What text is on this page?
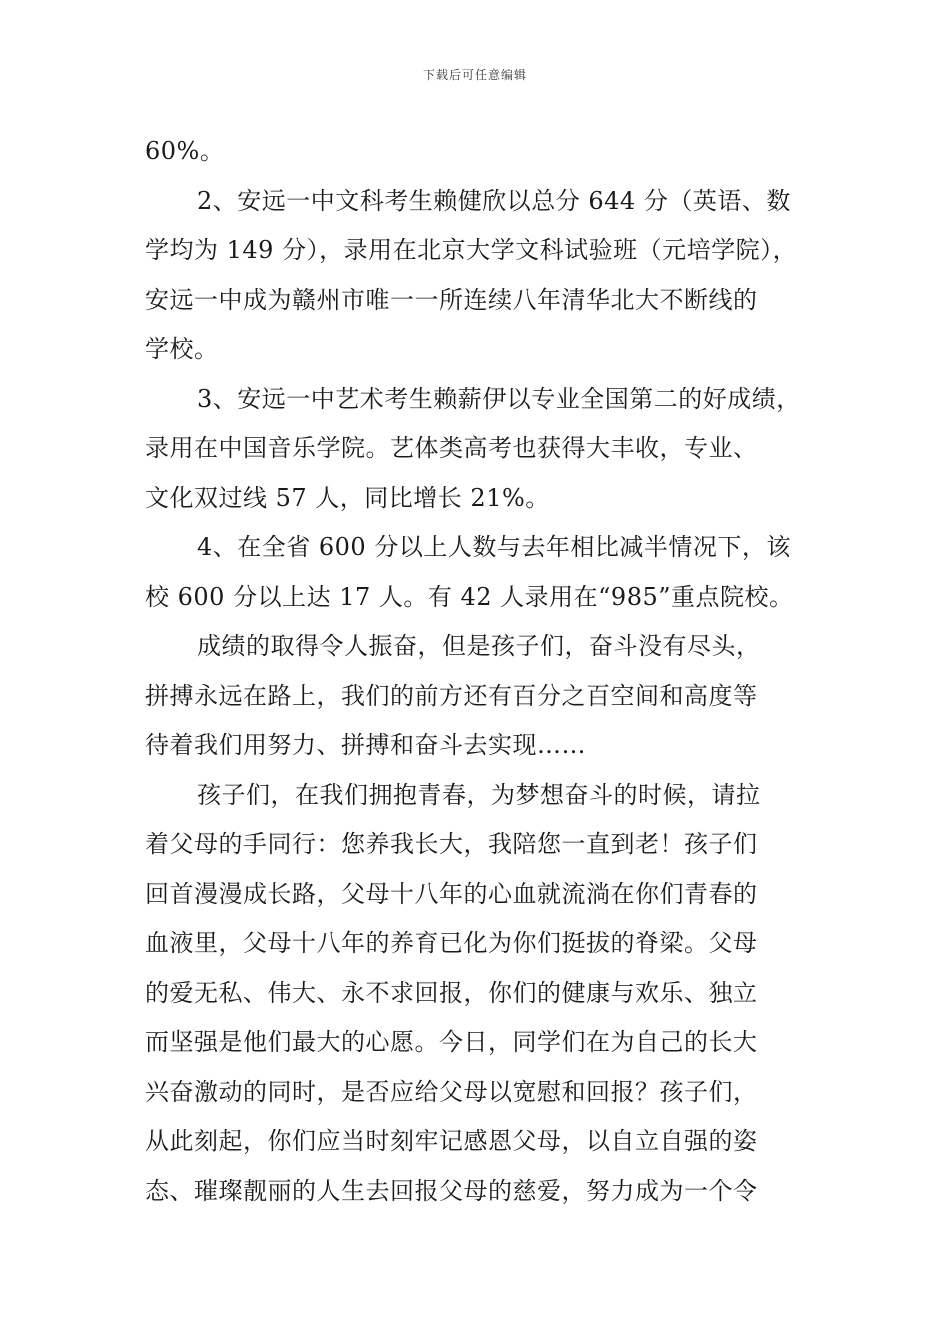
下载后可任意编辑
60%。
2、安远一中文科考生赖健欣以总分 644 分（英语、数
学均为 149 分），录用在北京大学文科试验班（元培学院），
安远一中成为赣州市唯一一所连续八年清华北大不断线的
学校。
3、安远一中艺术考生赖薪伊以专业全国第二的好成绩，
录用在中国音乐学院。艺体类高考也获得大丰收，专业、
文化双过线 57 人，同比增长 21%。
4、在全省 600 分以上人数与去年相比减半情况下，该
校 600 分以上达 17 人。有 42 人录用在“985”重点院校。
成绩的取得令人振奋，但是孩子们，奋斗没有尽头，
拼搏永远在路上，我们的前方还有百分之百空间和高度等
待着我们用努力、拼搏和奋斗去实现……
孩子们，在我们拥抱青春，为梦想奋斗的时候，请拉
着父母的手同行：您养我长大，我陪您一直到老！孩子们
回首漫漫成长路，父母十八年的心血就流淌在你们青春的
血液里，父母十八年的养育已化为你们挺拔的脊梁。父母
的爱无私、伟大、永不求回报，你们的健康与欢乐、独立
而坚强是他们最大的心愿。今日，同学们在为自己的长大
兴奋激动的同时，是否应给父母以宽慰和回报？孩子们，
从此刻起，你们应当时刻牢记感恩父母，以自立自强的姿
态、璀璨靓丽的人生去回报父母的慈爱，努力成为一个令
